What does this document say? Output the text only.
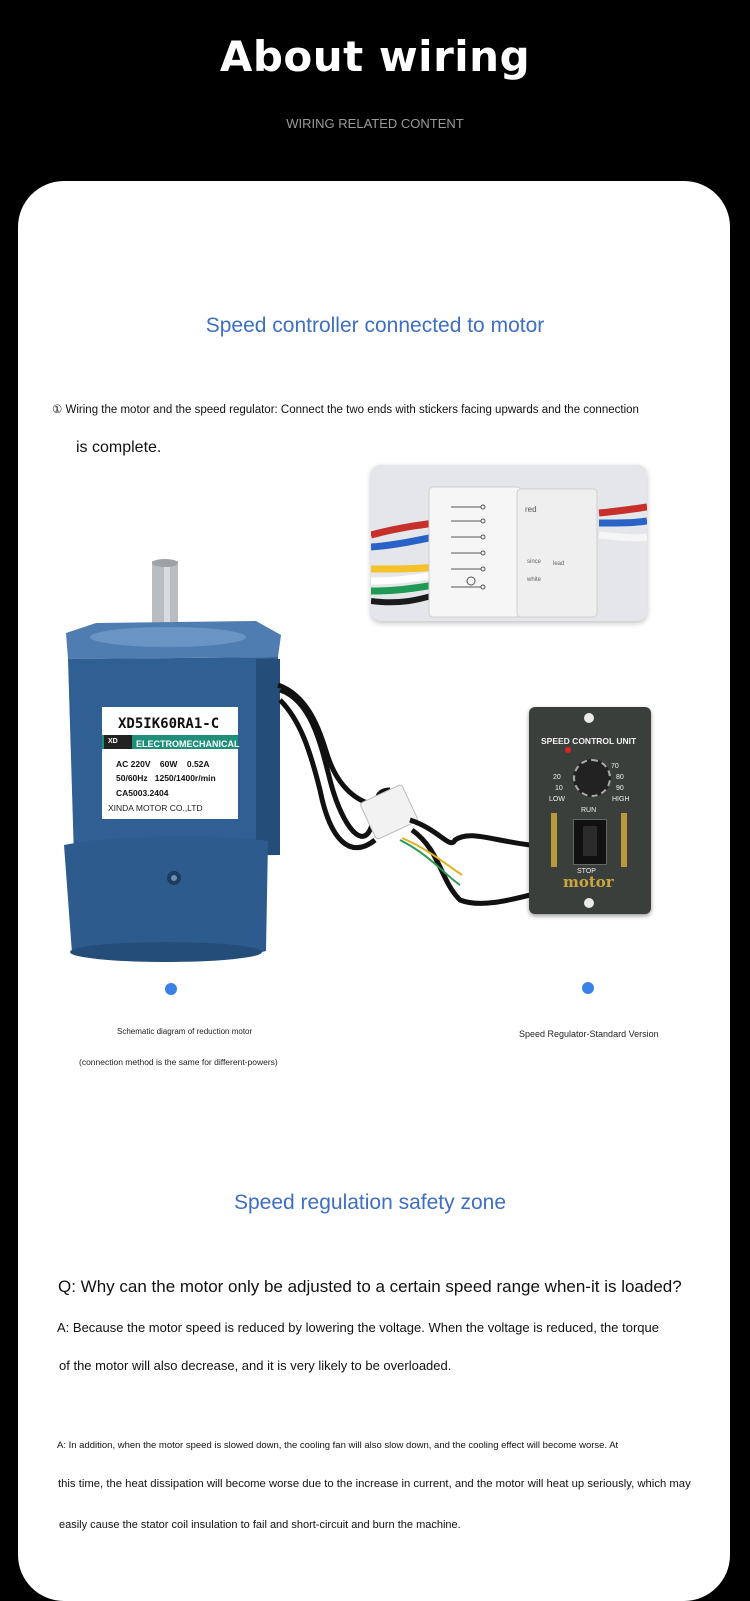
About wiring
WIRING RELATED CONTENT
Speed controller connected to motor
① Wiring the motor and the speed regulator: Connect the two ends with stickers facing upwards and the connection
is complete.
red
since lead
white
XD5IK60RA1-C
XD ELECTROMECHANICAL
AC 220V    60W    0.52A
50/60Hz   1250/1400r/min
CA5003.2404
XINDA MOTOR CO.,LTD
SPEED CONTROL UNIT
20
10
LOW
70
80
90
HIGH
RUN
STOP
motor
Schematic diagram of reduction motor
(connection method is the same for different-powers)
Speed Regulator-Standard Version
Speed regulation safety zone
Q: Why can the motor only be adjusted to a certain speed range when-it is loaded?
A: Because the motor speed is reduced by lowering the voltage. When the voltage is reduced, the torque
of the motor will also decrease, and it is very likely to be overloaded.
A: In addition, when the motor speed is slowed down, the cooling fan will also slow down, and the cooling effect will become worse. At
this time, the heat dissipation will become worse due to the increase in current, and the motor will heat up seriously, which may
easily cause the stator coil insulation to fail and short-circuit and burn the machine.
